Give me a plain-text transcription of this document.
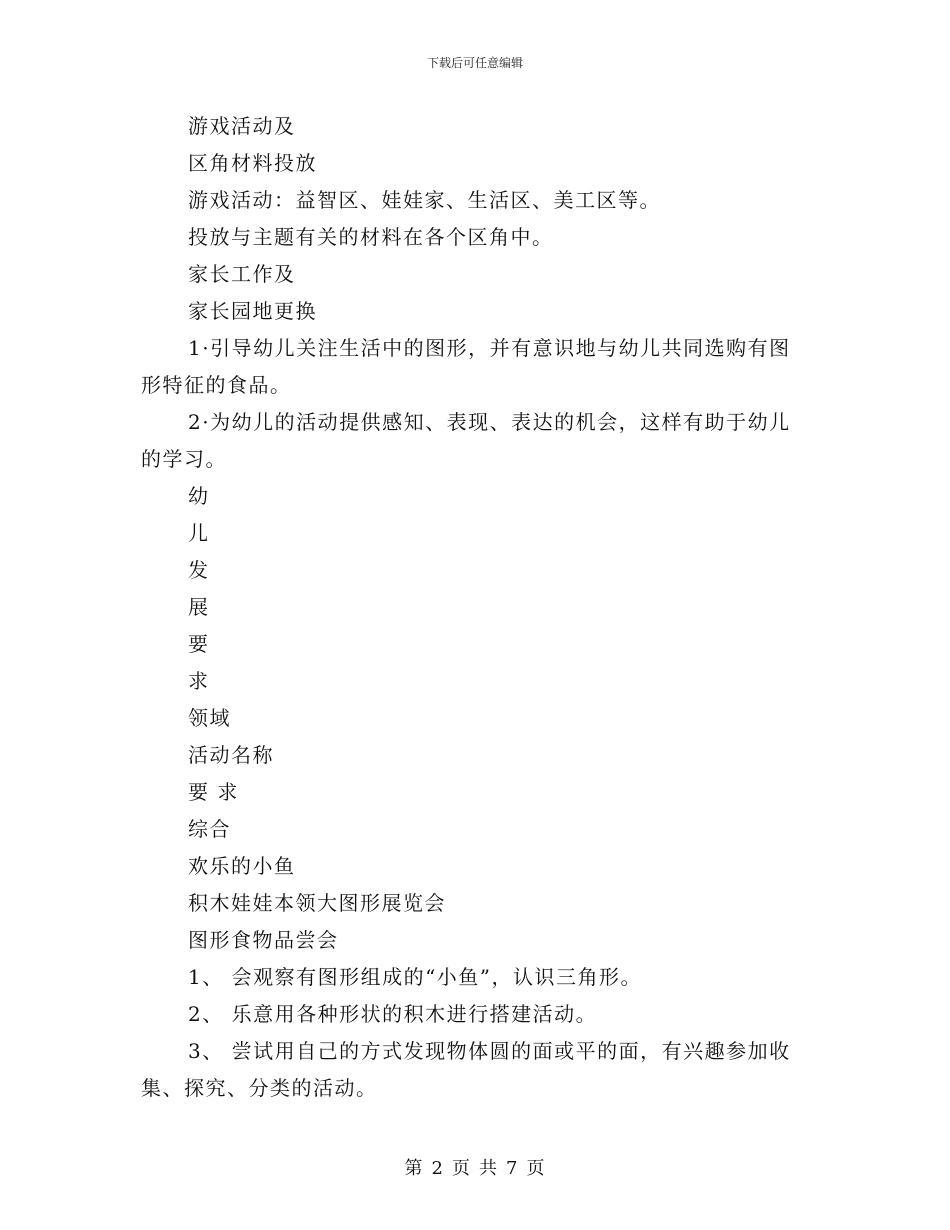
下载后可任意编辑

游戏活动及

区角材料投放

游戏活动：益智区、娃娃家、生活区、美工区等。

投放与主题有关的材料在各个区角中。

家长工作及

家长园地更换

1·引导幼儿关注生活中的图形，并有意识地与幼儿共同选购有图形特征的食品。

2·为幼儿的活动提供感知、表现、表达的机会，这样有助于幼儿的学习。

幼

儿

发

展

要

求

领域

活动名称

要 求

综合

欢乐的小鱼

积木娃娃本领大图形展览会

图形食物品尝会

1、 会观察有图形组成的“小鱼”，认识三角形。

2、 乐意用各种形状的积木进行搭建活动。

3、 尝试用自己的方式发现物体圆的面或平的面，有兴趣参加收集、探究、分类的活动。

第 2 页 共 7 页
